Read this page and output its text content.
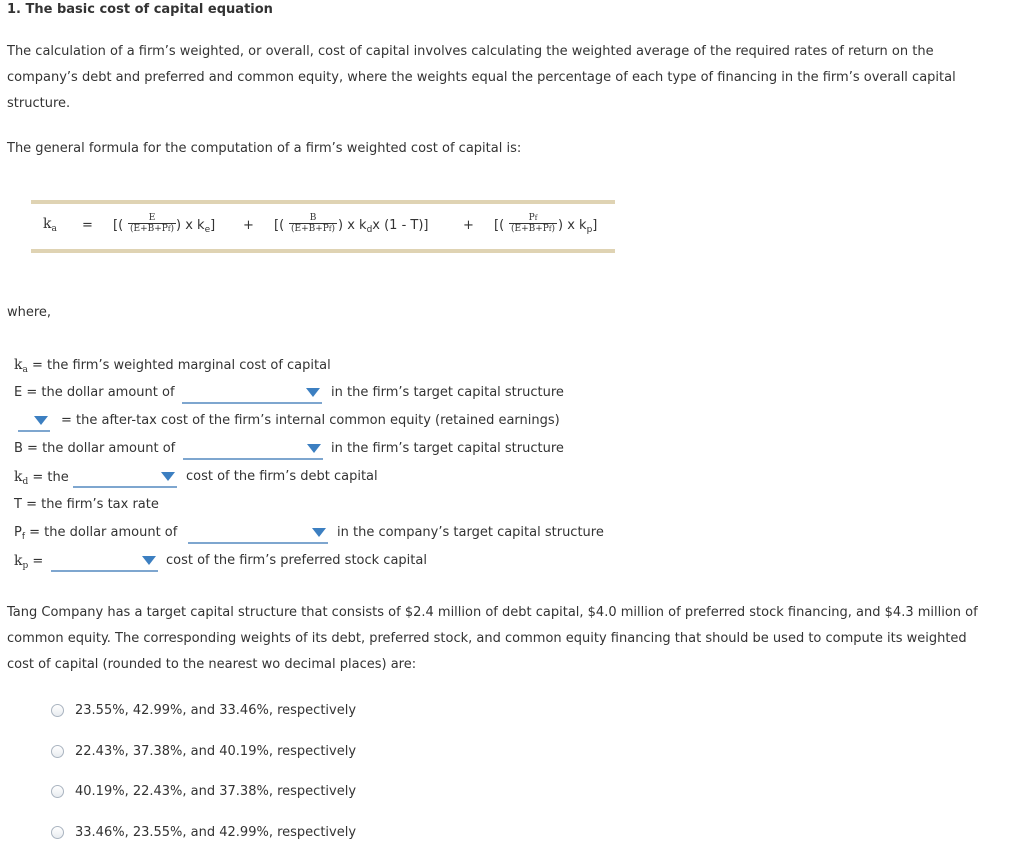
1. The basic cost of capital equation
The calculation of a firm’s weighted, or overall, cost of capital involves calculating the weighted average of the required rates of return on the company’s debt and preferred and common equity, where the weights equal the percentage of each type of financing in the firm’s overall capital structure.
The general formula for the computation of a firm’s weighted cost of capital is:
$k_a$ = [( $\frac{E}{(E+B+Pf)}$ ) x $k_e$] + [( $\frac{B}{(E+B+Pf)}$ ) x $k_dx$ (1 - T)]	+ [( $\frac{Pf}{(E+B+Pf)}$ ) x $k_p$]
where,
$k_a$ = the firm’s weighted marginal cost of capital
E = the dollar amount of	in the firm’s target capital structure
= the after-tax cost of the firm’s internal common equity (retained earnings)
B = the dollar amount of	in the firm’s target capital structure
$k_d$ = the	cost of the firm’s debt capital
T = the firm’s tax rate
$P_f$ = the dollar amount of	in the company’s target capital structure
$k_p$ =	cost of the firm’s preferred stock capital
Tang Company has a target capital structure that consists of $2.4 million of debt capital, $4.0 million of preferred stock financing, and $4.3 million of common equity. The corresponding weights of its debt, preferred stock, and common equity financing that should be used to compute its weighted cost of capital (rounded to the nearest wo decimal places) are:
23.55%, 42.99%, and 33.46%, respectively
22.43%, 37.38%, and 40.19%, respectively
40.19%, 22.43%, and 37.38%, respectively
33.46%, 23.55%, and 42.99%, respectively
